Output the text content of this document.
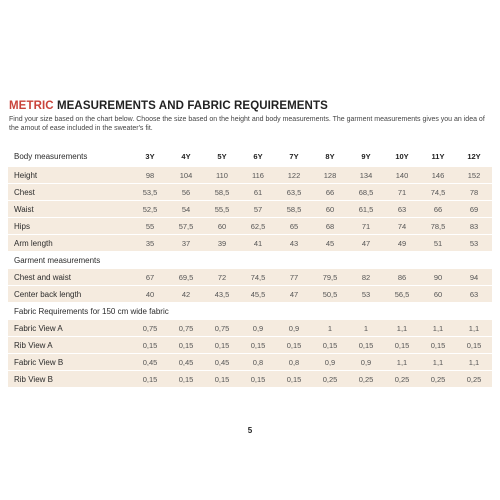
METRIC MEASUREMENTS AND FABRIC REQUIREMENTS
Find your size based on the chart below. Choose the size based on the height and body measurements. The garment measurements gives you an idea of the amout of ease included in the sweater's fit.
Body measurements	3Y	4Y	5Y	6Y	7Y	8Y	9Y	10Y	11Y	12Y
Height	98	104	110	116	122	128	134	140	146	152
Chest	53,5	56	58,5	61	63,5	66	68,5	71	74,5	78
Waist	52,5	54	55,5	57	58,5	60	61,5	63	66	69
Hips	55	57,5	60	62,5	65	68	71	74	78,5	83
Arm length	35	37	39	41	43	45	47	49	51	53
Garment measurements										
Chest and waist	67	69,5	72	74,5	77	79,5	82	86	90	94
Center back length	40	42	43,5	45,5	47	50,5	53	56,5	60	63
Fabric Requirements for 150 cm wide fabric										
Fabric View A	0,75	0,75	0,75	0,9	0,9	1	1	1,1	1,1	1,1
Rib View A	0,15	0,15	0,15	0,15	0,15	0,15	0,15	0,15	0,15	0,15
Fabric View B	0,45	0,45	0,45	0,8	0,8	0,9	0,9	1,1	1,1	1,1
Rib View B	0,15	0,15	0,15	0,15	0,15	0,25	0,25	0,25	0,25	0,25
5
